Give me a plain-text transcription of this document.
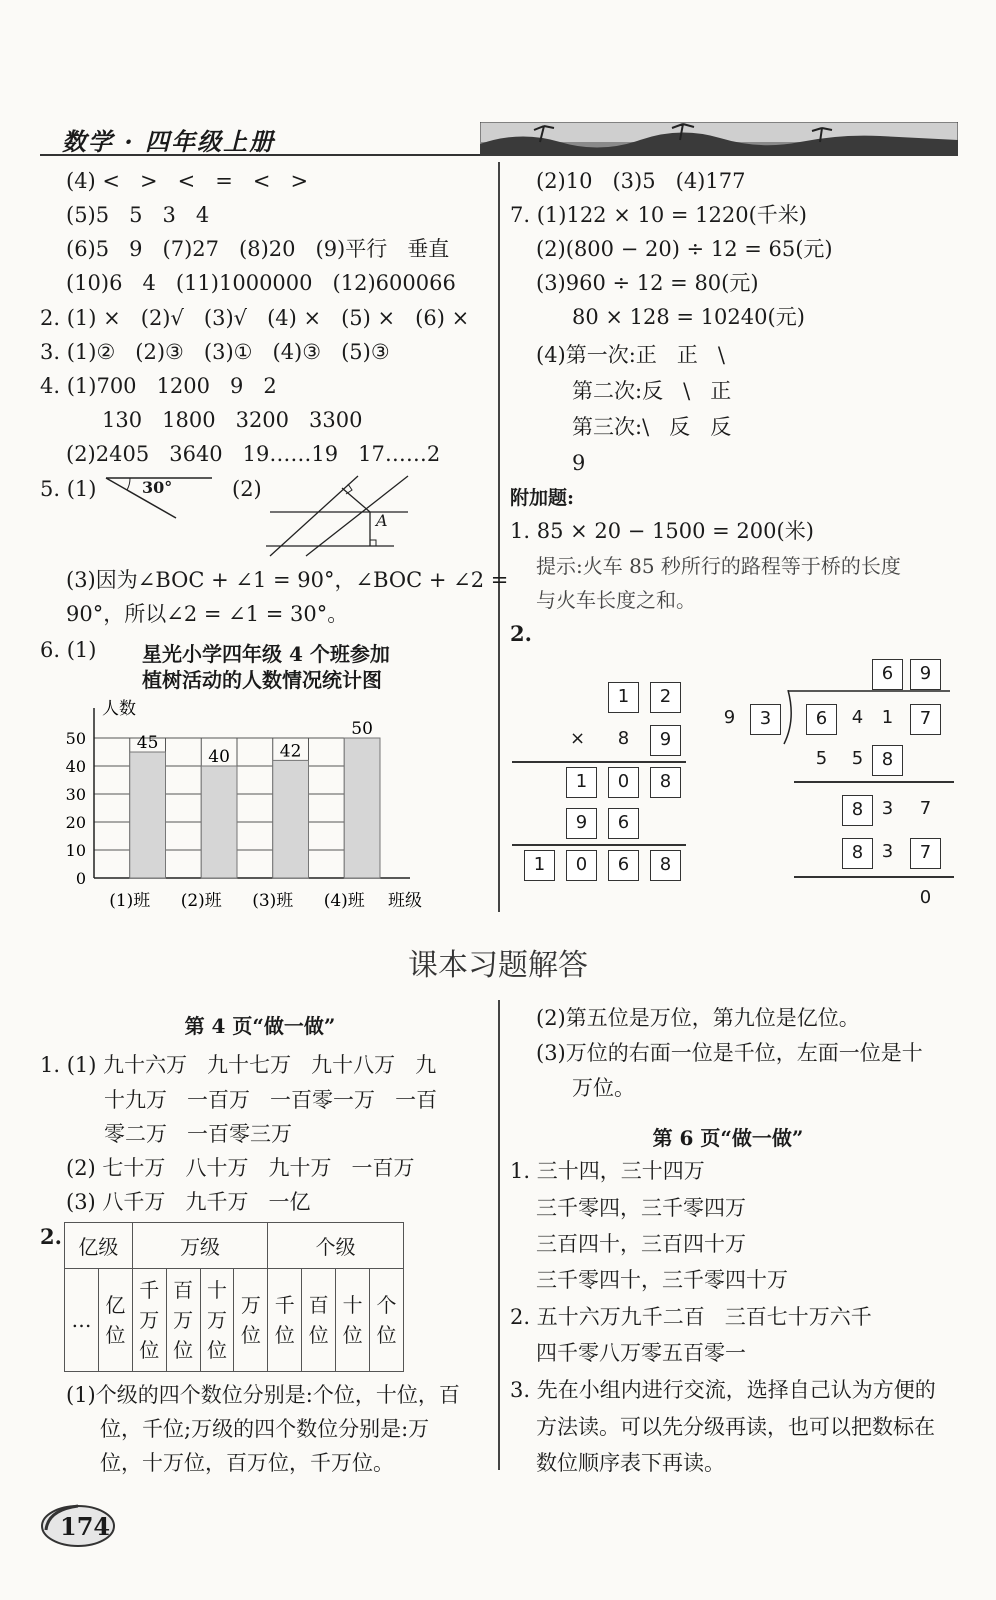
数学 · 四年级上册
(4) <   >   <   =   <   >
(5)5   5   3   4
(6)5   9   (7)27   (8)20   (9)平行   垂直
(10)6   4   (11)1000000   (12)600066
2. (1) ×   (2)√   (3)√   (4) ×   (5) ×   (6) ×
3. (1)②   (2)③   (3)①   (4)③   (5)③
4. (1)700   1200   9   2
130   1800   3200   3300
(2)2405   3640   19……19   17……2
5. (1)	30°	(2)
A
(3)因为∠BOC + ∠1 = 90°，∠BOC + ∠2 =
90°，所以∠2 = ∠1 = 30°。
6. (1) 星光小学四年级 4 个班参加
植树活动的人数情况统计图
0
10
20
30
40
50
人数
班级
45
(1)班
40
(2)班
42
(3)班
50
(4)班
(2)10   (3)5   (4)177
7. (1)122 × 10 = 1220(千米)
(2)(800 − 20) ÷ 12 = 65(元)
(3)960 ÷ 12 = 80(元)
80 × 128 = 10240(元)
(4)第一次:正   正   \
第二次:反   \   正
第三次:\   反   反
9
附加题:
1. 85 × 20 − 1500 = 200(米)
提示:火车 85 秒所行的路程等于桥的长度
与火车长度之和。
2.
1	2
×	8	9
1	0	8
9	6
1	0	6	8
6	9
9	3	6	4	1	7
5	5	8
8	3	7
8	3	7
0
课本习题解答
第 4 页“做一做”
1. (1) 九十六万   九十七万   九十八万   九
十九万   一百万   一百零一万   一百
零二万   一百零三万
(2) 七十万   八十万   九十万   一百万
(3) 八千万   九千万   一亿
2. 亿级		万级				个级			
…	亿位	千万位	百万位	十万位	万位	千位	百位	十位	个位
(1)个级的四个数位分别是:个位，十位，百
位，千位;万级的四个数位分别是:万
位，十万位，百万位，千万位。
(2)第五位是万位，第九位是亿位。
(3)万位的右面一位是千位，左面一位是十
万位。
第 6 页“做一做”
1. 三十四，三十四万
三千零四，三千零四万
三百四十，三百四十万
三千零四十，三千零四十万
2. 五十六万九千二百   三百七十万六千
四千零八万零五百零一
3. 先在小组内进行交流，选择自己认为方便的
方法读。可以先分级再读，也可以把数标在
数位顺序表下再读。
174
